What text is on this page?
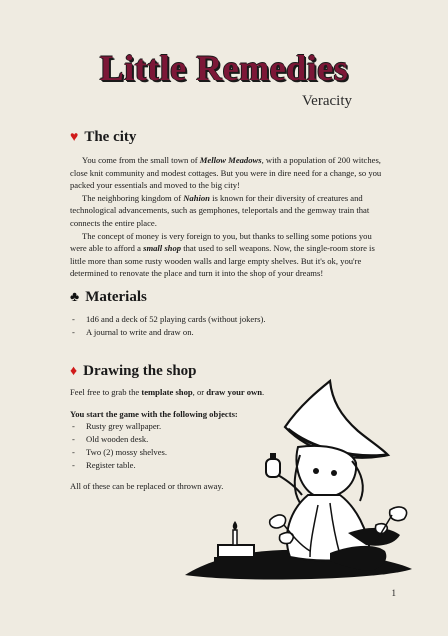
Little Remedies
Veracity
♥ The city

You come from the small town of Mellow Meadows, with a population of 200 witches, close knit community and modest cottages. But you were in dire need for a change, so you packed your essentials and moved to the big city!

The neighboring kingdom of Nahion is known for their diversity of creatures and technological advancements, such as gemphones, teleportals and the gemway train that connects the entire place.

The concept of money is very foreign to you, but thanks to selling some potions you were able to afford a small shop that used to sell weapons. Now, the single-room store is little more than some rusty wooden walls and large empty shelves. But it's ok, you're determined to renovate the place and turn it into the shop of your dreams!

♣ Materials
- 1d6 and a deck of 52 playing cards (without jokers).
- A journal to write and draw on.
♦ Drawing the shop

Feel free to grab the template shop, or draw your own.

You start the game with the following objects:

- Rusty grey wallpaper.
- Old wooden desk.
- Two (2) mossy shelves.
- Register table.

All of these can be replaced or thrown away.

1
